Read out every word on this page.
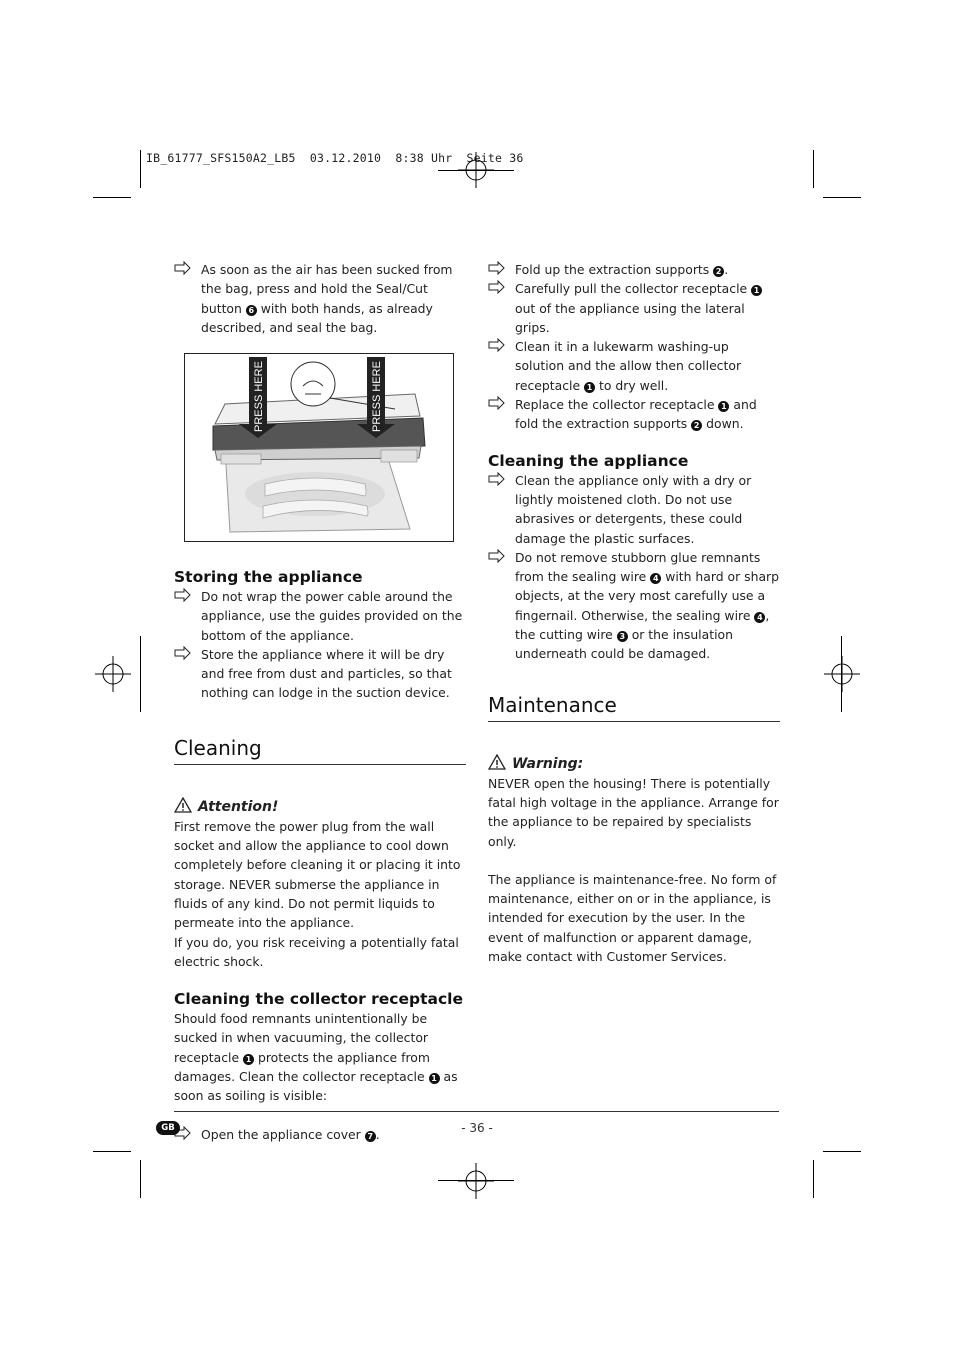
IB_61777_SFS150A2_LB5  03.12.2010  8:38 Uhr  Seite 36

As soon as the air has been sucked from the bag, press and hold the Seal/Cut button 6 with both hands, as already described, and seal the bag.

PRESS HERE	PRESS HERE

Storing the appliance

Do not wrap the power cable around the appliance, use the guides provided on the bottom of the appliance.

Store the appliance where it will be dry and free from dust and particles, so that nothing can lodge in the suction device.

Cleaning

Attention!

First remove the power plug from the wall socket and allow the appliance to cool down completely before cleaning it or placing it into storage. NEVER submerse the appliance in fluids of any kind. Do not permit liquids to permeate into the appliance.

If you do, you risk receiving a potentially fatal electric shock.

Cleaning the collector receptacle

Should food remnants unintentionally be sucked in when vacuuming, the collector receptacle 1 protects the appliance from damages. Clean the collector receptacle 1 as soon as soiling is visible:

Open the appliance cover 7 .

Fold up the extraction supports 2 .

Carefully pull the collector receptacle 1 out of the appliance using the lateral grips.

Clean it in a lukewarm washing-up solution and the allow then collector receptacle 1 to dry well.

Replace the collector receptacle 1 and fold the extraction supports 2 down.

Cleaning the appliance

Clean the appliance only with a dry or lightly moistened cloth. Do not use abrasives or detergents, these could damage the plastic surfaces.

Do not remove stubborn glue remnants from the sealing wire 4 with hard or sharp objects, at the very most carefully use a fingernail. Otherwise, the sealing wire 4 , the cutting wire 3 or the insulation underneath could be damaged.

Maintenance

Warning:

NEVER open the housing! There is potentially fatal high voltage in the appliance. Arrange for the appliance to be repaired by specialists only.

The appliance is maintenance-free. No form of maintenance, either on or in the appliance, is intended for execution by the user. In the event of malfunction or apparent damage, make contact with Customer Services.

GB	- 36 -
